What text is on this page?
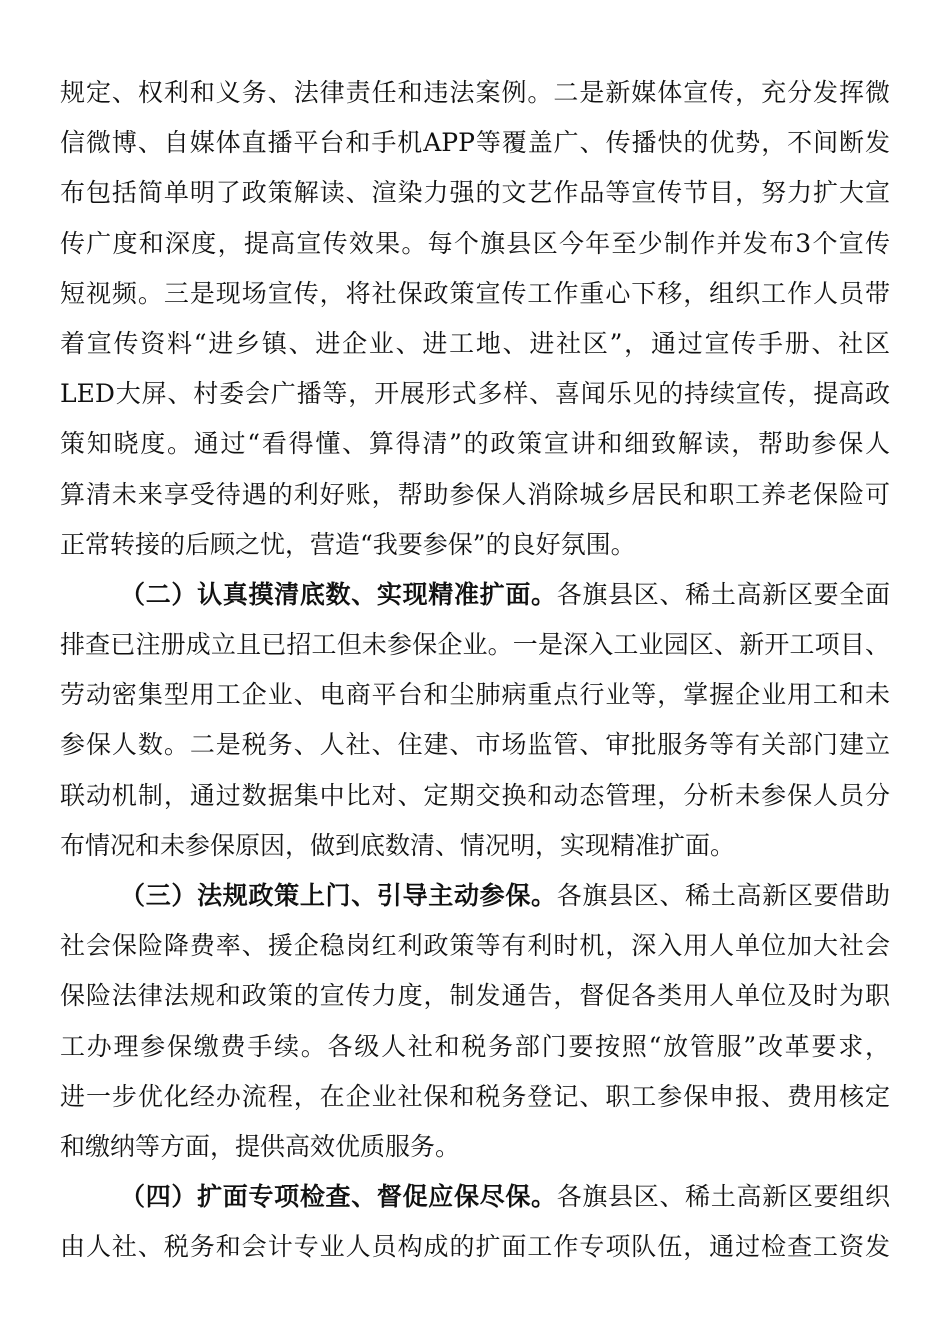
规定、权利和义务、法律责任和违法案例。二是新媒体宣传，充分发挥微
信微博、自媒体直播平台和手机APP等覆盖广、传播快的优势，不间断发
布包括简单明了政策解读、渲染力强的文艺作品等宣传节目，努力扩大宣
传广度和深度，提高宣传效果。每个旗县区今年至少制作并发布3个宣传
短视频。三是现场宣传，将社保政策宣传工作重心下移，组织工作人员带
着宣传资料“进乡镇、进企业、进工地、进社区”，通过宣传手册、社区
LED大屏、村委会广播等，开展形式多样、喜闻乐见的持续宣传，提高政
策知晓度。通过“看得懂、算得清”的政策宣讲和细致解读，帮助参保人
算清未来享受待遇的利好账，帮助参保人消除城乡居民和职工养老保险可
正常转接的后顾之忧，营造“我要参保”的良好氛围。
（二）认真摸清底数、实现精准扩面。各旗县区、稀土高新区要全面
排查已注册成立且已招工但未参保企业。一是深入工业园区、新开工项目、
劳动密集型用工企业、电商平台和尘肺病重点行业等，掌握企业用工和未
参保人数。二是税务、人社、住建、市场监管、审批服务等有关部门建立
联动机制，通过数据集中比对、定期交换和动态管理，分析未参保人员分
布情况和未参保原因，做到底数清、情况明，实现精准扩面。
（三）法规政策上门、引导主动参保。各旗县区、稀土高新区要借助
社会保险降费率、援企稳岗红利政策等有利时机，深入用人单位加大社会
保险法律法规和政策的宣传力度，制发通告，督促各类用人单位及时为职
工办理参保缴费手续。各级人社和税务部门要按照“放管服”改革要求，
进一步优化经办流程，在企业社保和税务登记、职工参保申报、费用核定
和缴纳等方面，提供高效优质服务。
（四）扩面专项检查、督促应保尽保。各旗县区、稀土高新区要组织
由人社、税务和会计专业人员构成的扩面工作专项队伍，通过检查工资发
